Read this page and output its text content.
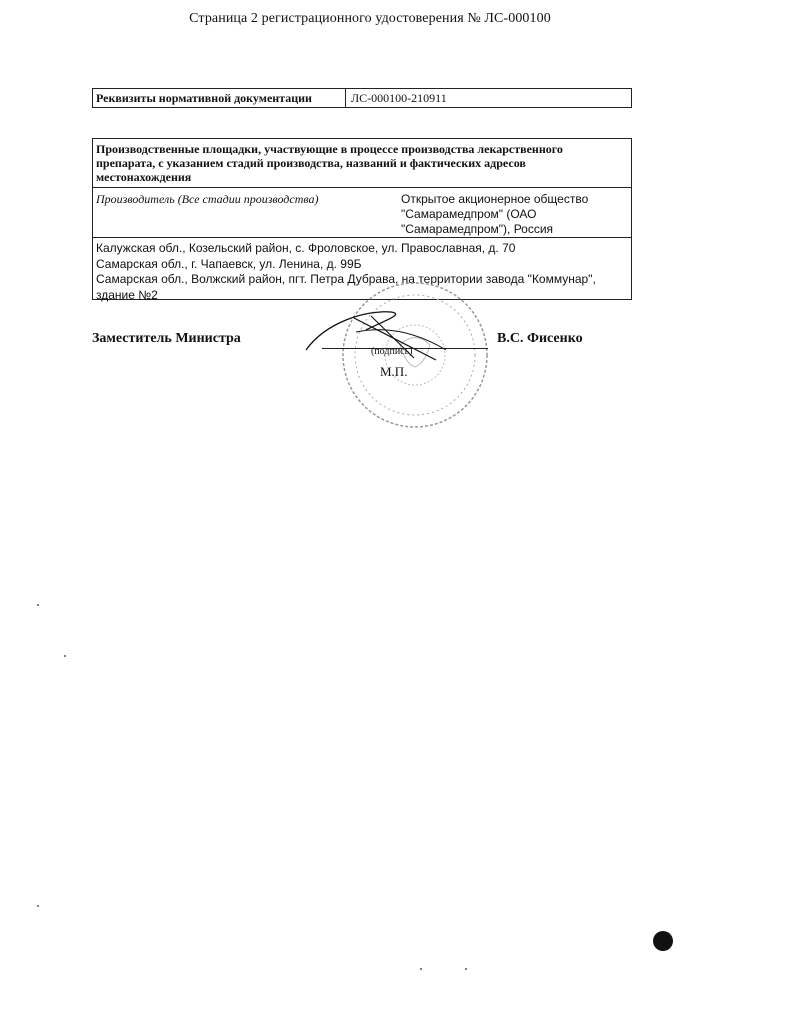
Страница 2 регистрационного удостоверения № ЛС-000100
Реквизиты нормативной документации	ЛС-000100-210911
Производственные площадки, участвующие в процессе производства лекарственного препарата, с указанием стадий производства, названий и фактических адресов местонахождения
Производитель (Все стадии производства)	Открытое акционерное общество
"Самарамедпром" (ОАО
"Самарамедпром"), Россия
Калужская обл., Козельский район, с. Фроловское, ул. Православная, д. 70
Самарская обл., г. Чапаевск, ул. Ленина, д. 99Б
Самарская обл., Волжский район, пгт. Петра Дубрава, на территории завода "Коммунар", здание №2
Заместитель Министра
(подпись)
М.П.
В.С. Фисенко
